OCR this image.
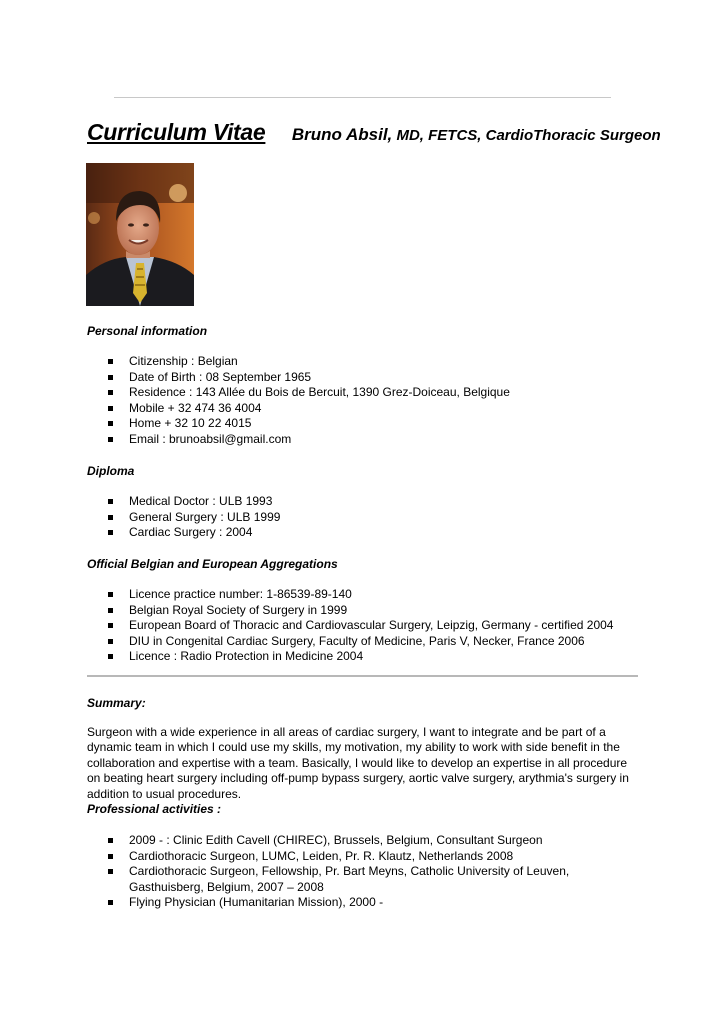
Curriculum Vitae Bruno Absil, MD, FETCS, CardioThoracic Surgeon
Personal information
Citizenship : Belgian
Date of Birth : 08 September 1965
Residence : 143 Allée du Bois de Bercuit, 1390 Grez-Doiceau, Belgique
Mobile + 32 474 36 4004
Home + 32 10 22 4015
Email : brunoabsil@gmail.com
Diploma
Medical Doctor : ULB 1993
General Surgery : ULB 1999
Cardiac Surgery : 2004
Official Belgian and European Aggregations
Licence practice number: 1-86539-89-140
Belgian Royal Society of Surgery in 1999
European Board of Thoracic and Cardiovascular Surgery, Leipzig, Germany - certified 2004
DIU in Congenital Cardiac Surgery, Faculty of Medicine, Paris V, Necker, France 2006
Licence : Radio Protection in Medicine 2004
Summary:
Surgeon with a wide experience in all areas of cardiac surgery, I want to integrate and be part of a dynamic team in which I could use my skills, my motivation, my ability to work with side benefit in the collaboration and expertise with a team. Basically, I would like to develop an expertise in all procedure on beating heart surgery including off-pump bypass surgery, aortic valve surgery, arythmia's surgery in addition to usual procedures.
Professional activities :
2009 - : Clinic Edith Cavell (CHIREC), Brussels, Belgium, Consultant Surgeon
Cardiothoracic Surgeon, LUMC, Leiden, Pr. R. Klautz, Netherlands 2008
Cardiothoracic Surgeon, Fellowship, Pr. Bart Meyns, Catholic University of Leuven, Gasthuisberg, Belgium, 2007 – 2008
Flying Physician (Humanitarian Mission), 2000 -
